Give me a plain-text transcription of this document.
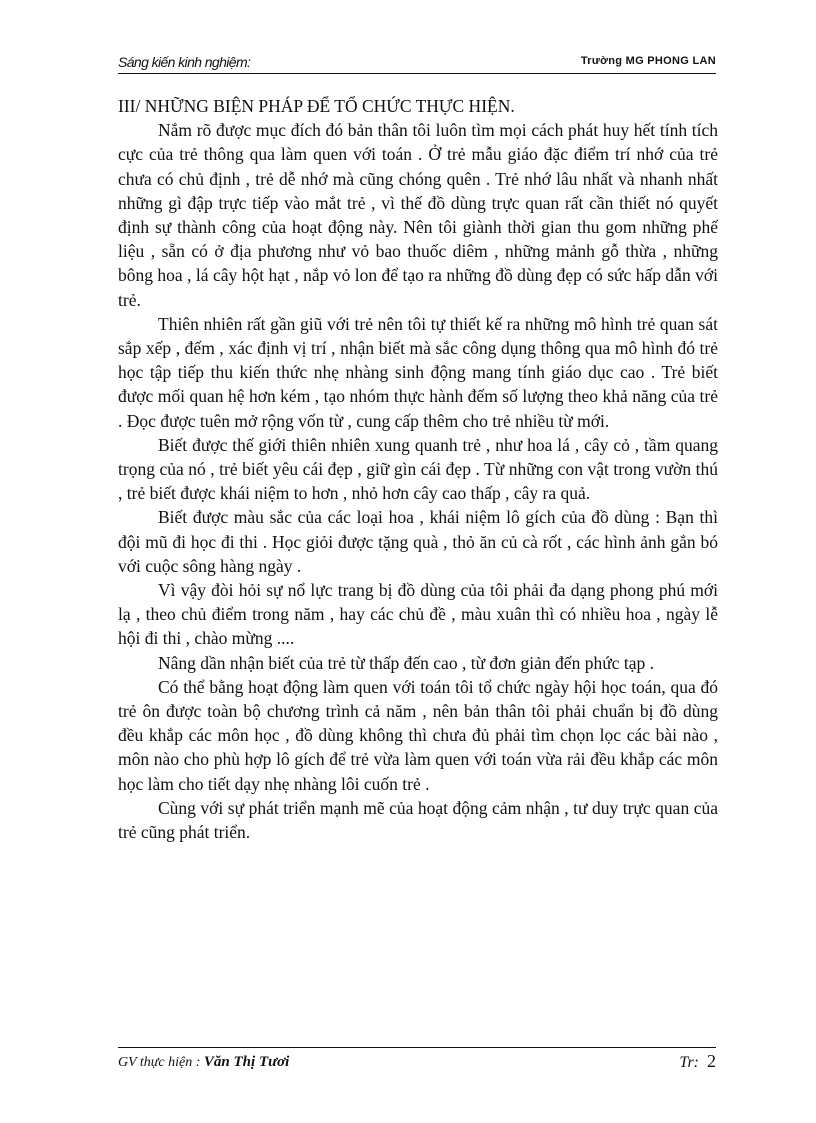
Sáng kiến kinh nghiệm:	Trường MG PHONG LAN

III/ NHỮNG BIỆN PHÁP ĐỂ TỔ CHỨC THỰC HIỆN.

Nắm rõ được mục đích đó bản thân tôi luôn tìm mọi cách phát huy hết tính tích cực của trẻ thông qua làm quen với toán . Ở trẻ mẫu giáo đặc điểm trí nhớ của trẻ chưa có chủ định , trẻ dễ nhớ mà cũng chóng quên . Trẻ nhớ lâu nhất và nhanh nhất những gì đập trực tiếp vào mắt trẻ , vì thế đồ dùng trực quan rất cần thiết nó quyết định sự thành công của hoạt động này. Nên tôi giành thời gian thu gom những phế liệu , sẵn có ở địa phương như vỏ bao thuốc diêm , những mảnh gỗ thừa , những bông hoa , lá cây hột hạt , nắp vỏ lon để tạo ra những đồ dùng đẹp có sức hấp dẫn với trẻ.

Thiên nhiên rất gần giũ với trẻ nên tôi tự thiết kế ra những mô hình trẻ quan sát sắp xếp , đếm , xác định vị trí , nhận biết mà sắc công dụng thông qua mô hình đó trẻ học tập tiếp thu kiến thức nhẹ nhàng sinh động mang tính giáo dục cao . Trẻ biết được mối quan hệ hơn kém , tạo nhóm thực hành đếm số lượng theo khả năng của trẻ . Đọc được tuên mở rộng vốn từ , cung cấp thêm cho trẻ nhiều từ mới.

Biết được thế giới thiên nhiên xung quanh trẻ , như hoa lá , cây cỏ , tầm quang trọng của nó , trẻ biết yêu cái đẹp , giữ gìn cái đẹp . Từ những con vật trong vườn thú , trẻ biết được khái niệm to hơn , nhỏ hơn cây cao thấp , cây ra quả.

Biết được màu sắc của các loại hoa , khái niệm lô gích của đồ dùng : Bạn thì đội mũ đi học đi thi . Học giỏi được tặng quà , thỏ ăn củ cà rốt , các hình ảnh gắn bó với cuộc sông hàng ngày .

Vì vậy đòi hỏi sự nổ lực trang bị đồ dùng của tôi phải đa dạng phong phú mới lạ , theo chủ điểm trong năm , hay các chủ đề , màu xuân thì có nhiều hoa , ngày lễ hội đi thi , chào mừng ....

Nâng dần nhận biết của trẻ từ thấp đến cao , từ đơn giản đến phức tạp .

Có thể bằng hoạt động làm quen với toán tôi tổ chức ngày hội học toán, qua đó trẻ ôn được toàn bộ chương trình cả năm , nên bản thân tôi phải chuẩn bị đồ dùng đều khắp các môn học , đồ dùng không thì chưa đủ phải tìm chọn lọc các bài nào , môn nào cho phù hợp lô gích để trẻ vừa làm quen với toán vừa rải đều khắp các môn học làm cho tiết dạy nhẹ nhàng lôi cuốn trẻ .

Cùng với sự phát triển mạnh mẽ của hoạt động cảm nhận , tư duy trực quan của trẻ cũng phát triển.

GV thực hiện : Văn Thị Tươi	Tr: 2
